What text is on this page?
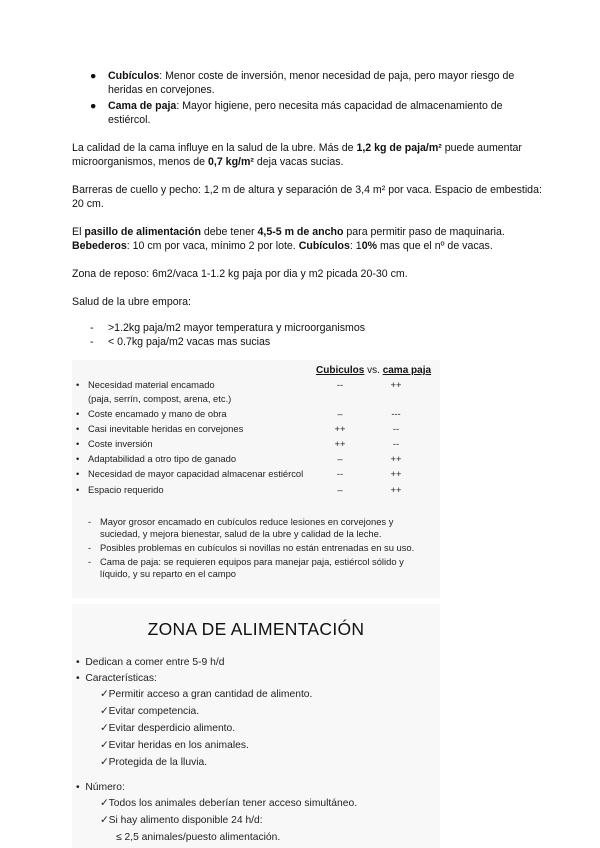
● Cubículos: Menor coste de inversión, menor necesidad de paja, pero mayor riesgo de heridas en corvejones.
● Cama de paja: Mayor higiene, pero necesita más capacidad de almacenamiento de estiércol.

La calidad de la cama influye en la salud de la ubre. Más de 1,2 kg de paja/m² puede aumentar microorganismos, menos de 0,7 kg/m² deja vacas sucias.

Barreras de cuello y pecho: 1,2 m de altura y separación de 3,4 m² por vaca. Espacio de embestida: 20 cm.

El pasillo de alimentación debe tener 4,5-5 m de ancho para permitir paso de maquinaria.
Bebederos: 10 cm por vaca, mínimo 2 por lote. Cubículos: 10% mas que el nº de vacas.

Zona de reposo: 6m2/vaca 1-1.2 kg paja por dia y m2 picada 20-30 cm.

Salud de la ubre empora:

- >1.2kg paja/m2 mayor temperatura y microorganismos
- < 0.7kg paja/m2 vacas mas sucias
Cubiculos vs. cama paja
• Necesidad material encamado	--	++
(paja, serrín, compost, arena, etc.)
• Coste encamado y mano de obra	–	---
• Casi inevitable heridas en corvejones	++	--
• Coste inversión	++	--
• Adaptabilidad a otro tipo de ganado	–	++
• Necesidad de mayor capacidad almacenar estiércol	--	++
• Espacio requerido	–	++
- Mayor grosor encamado en cubículos reduce lesiones en corvejones y suciedad, y mejora bienestar, salud de la ubre y calidad de la leche.
- Posibles problemas en cubículos si novillas no están entrenadas en su uso.
- Cama de paja: se requieren equipos para manejar paja, estiércol sólido y líquido, y su reparto en el campo
ZONA DE ALIMENTACIÓN
• Dedican a comer entre 5-9 h/d
• Características:
✓Permitir acceso a gran cantidad de alimento.
✓Evitar competencia.
✓Evitar desperdicio alimento.
✓Evitar heridas en los animales.
✓Protegida de la lluvia.
• Número:
✓Todos los animales deberían tener acceso simultáneo.
✓Si hay alimento disponible 24 h/d:
≤ 2,5 animales/puesto alimentación.
